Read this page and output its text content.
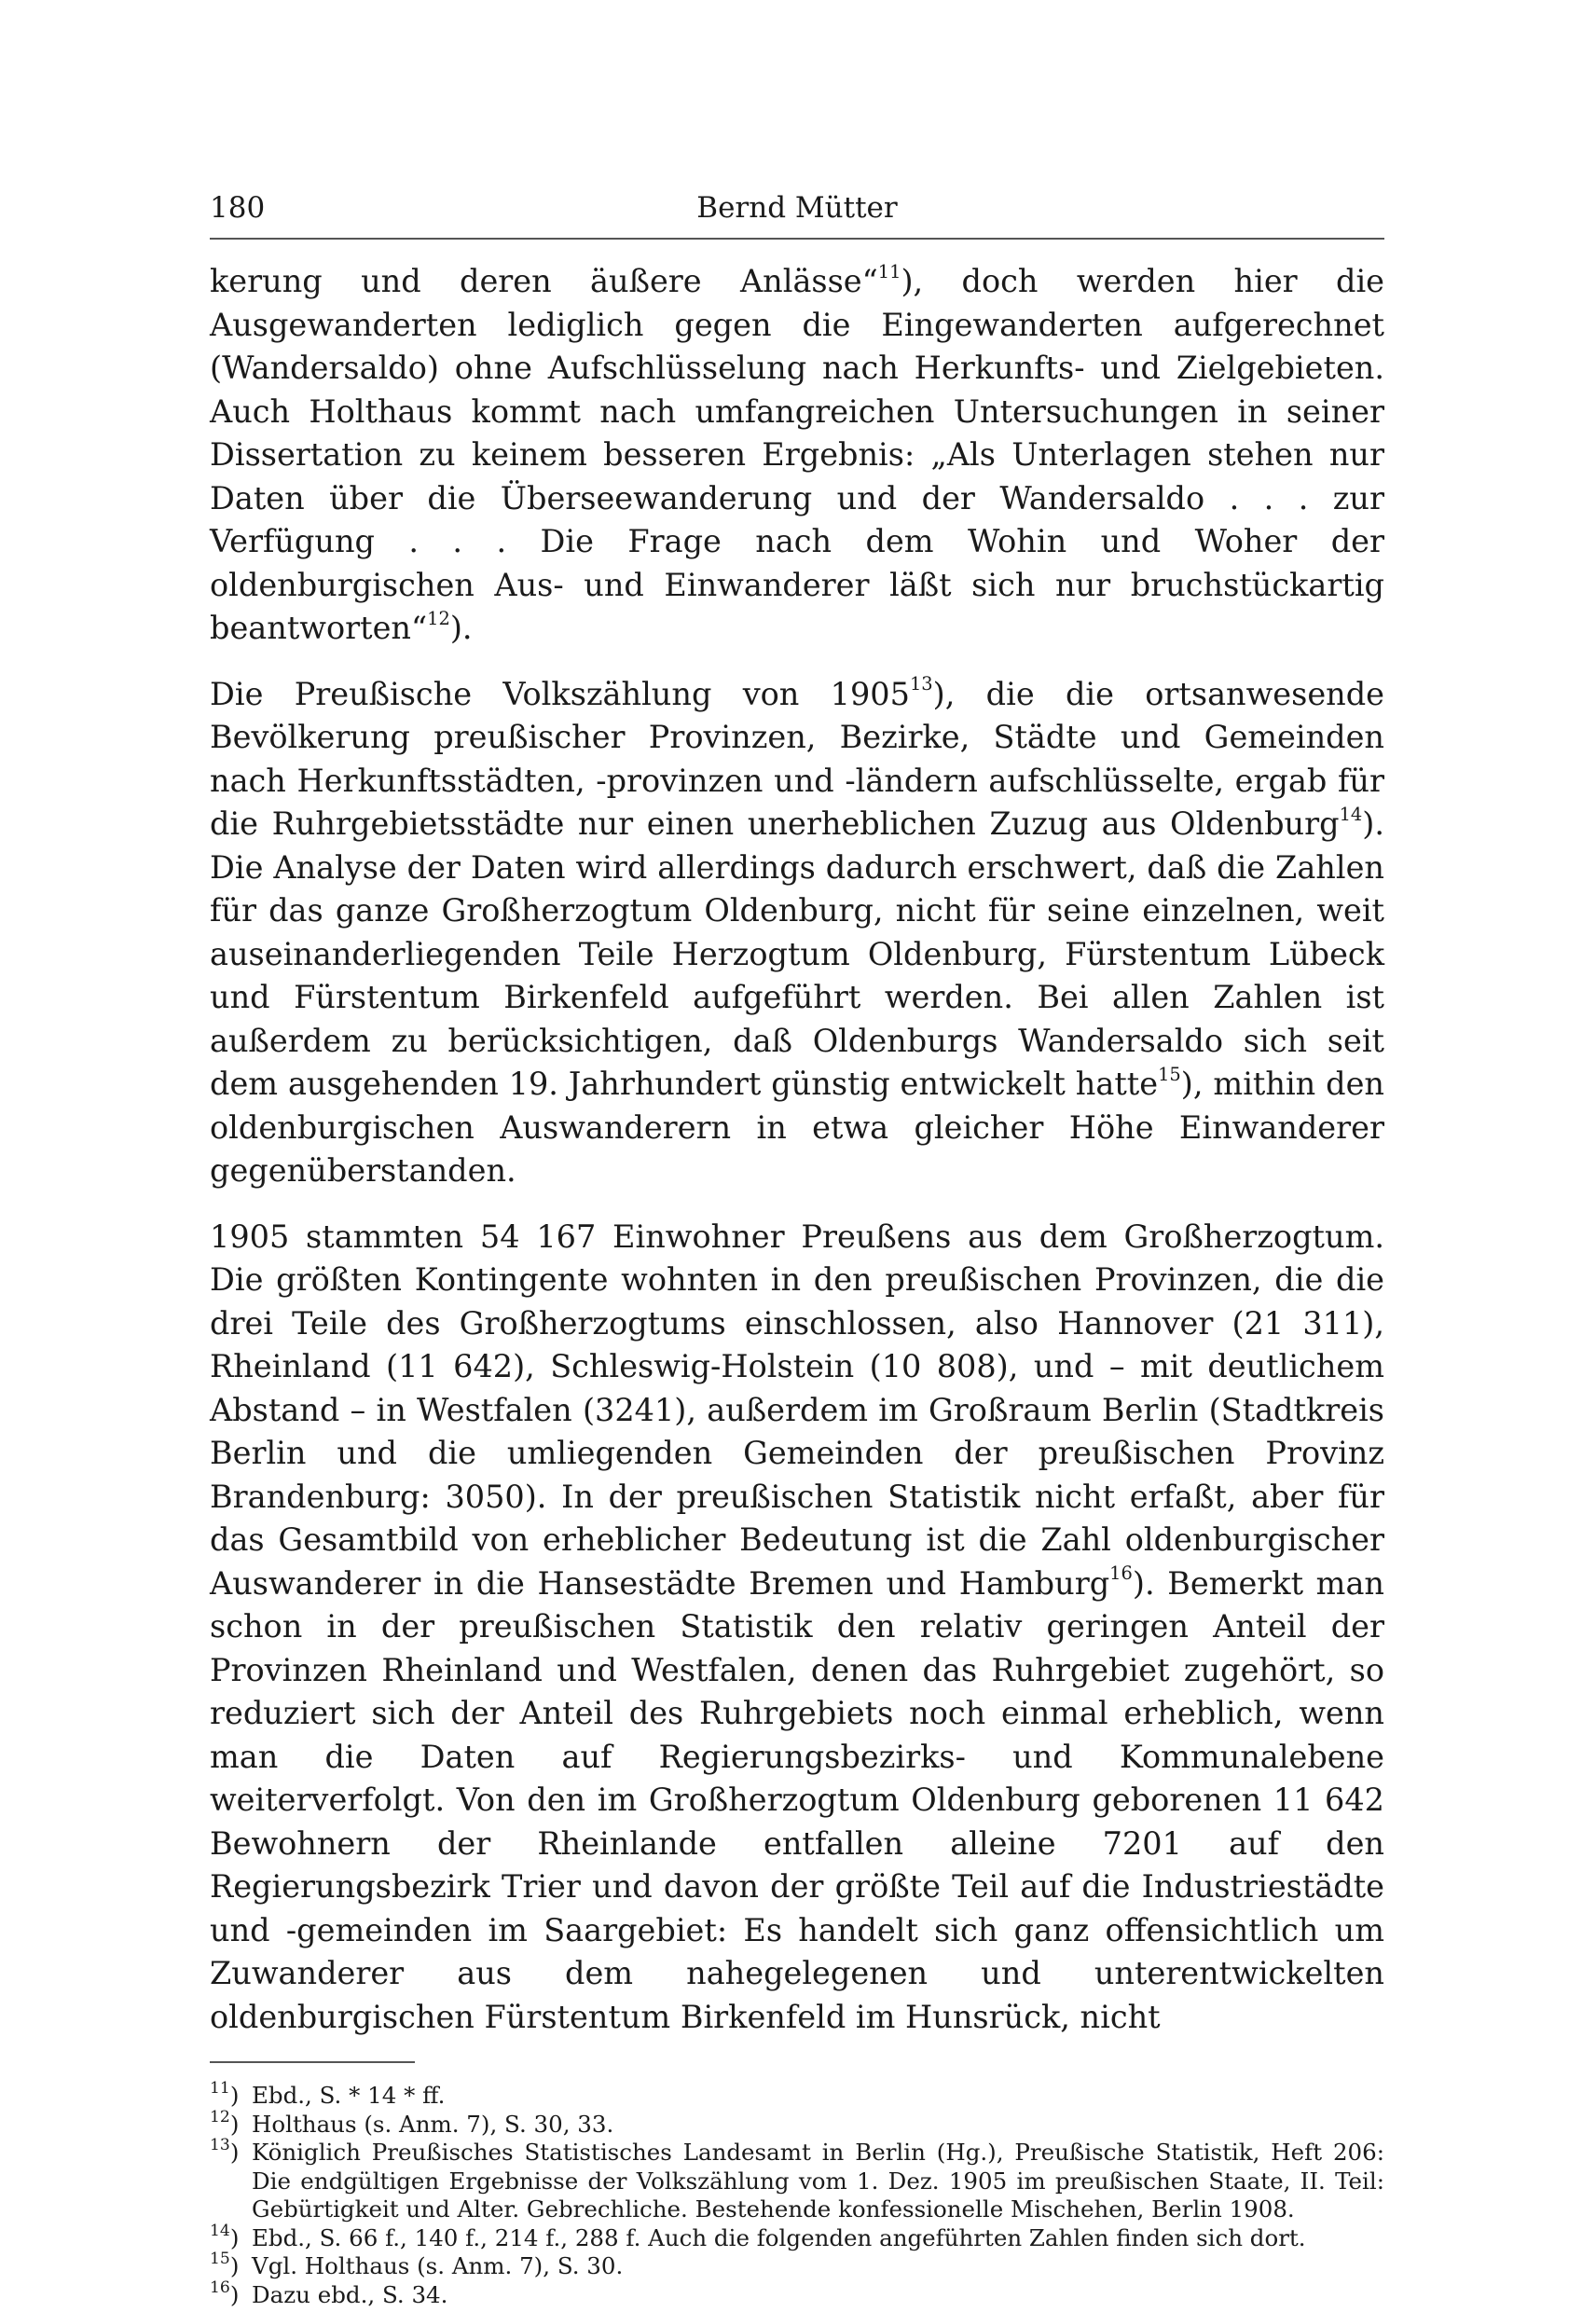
180	Bernd Mütter

kerung und deren äußere Anlässe“$^{11}$), doch werden hier die Ausgewanderten lediglich gegen die Eingewanderten aufgerechnet (Wandersaldo) ohne Aufschlüsselung nach Herkunfts- und Zielgebieten. Auch Holthaus kommt nach umfangreichen Untersuchungen in seiner Dissertation zu keinem besseren Ergebnis: „Als Unterlagen stehen nur Daten über die Überseewanderung und der Wandersaldo . . . zur Verfügung . . . Die Frage nach dem Wohin und Woher der oldenburgischen Aus- und Einwanderer läßt sich nur bruchstückartig beantworten“$^{12}$).

Die Preußische Volkszählung von 1905$^{13}$), die die ortsanwesende Bevölkerung preußischer Provinzen, Bezirke, Städte und Gemeinden nach Herkunftsstädten, -provinzen und -ländern aufschlüsselte, ergab für die Ruhrgebietsstädte nur einen unerheblichen Zuzug aus Oldenburg$^{14}$). Die Analyse der Daten wird allerdings dadurch erschwert, daß die Zahlen für das ganze Großherzogtum Oldenburg, nicht für seine einzelnen, weit auseinanderliegenden Teile Herzogtum Oldenburg, Fürstentum Lübeck und Fürstentum Birkenfeld aufgeführt werden. Bei allen Zahlen ist außerdem zu berücksichtigen, daß Oldenburgs Wandersaldo sich seit dem ausgehenden 19. Jahrhundert günstig entwickelt hatte$^{15}$), mithin den oldenburgischen Auswanderern in etwa gleicher Höhe Einwanderer gegenüberstanden.

1905 stammten 54 167 Einwohner Preußens aus dem Großherzogtum. Die größten Kontingente wohnten in den preußischen Provinzen, die die drei Teile des Großherzogtums einschlossen, also Hannover (21 311), Rheinland (11 642), Schleswig-Holstein (10 808), und – mit deutlichem Abstand – in Westfalen (3241), außerdem im Großraum Berlin (Stadtkreis Berlin und die umliegenden Gemeinden der preußischen Provinz Brandenburg: 3050). In der preußischen Statistik nicht erfaßt, aber für das Gesamtbild von erheblicher Bedeutung ist die Zahl oldenburgischer Auswanderer in die Hansestädte Bremen und Hamburg$^{16}$). Bemerkt man schon in der preußischen Statistik den relativ geringen Anteil der Provinzen Rheinland und Westfalen, denen das Ruhrgebiet zugehört, so reduziert sich der Anteil des Ruhrgebiets noch einmal erheblich, wenn man die Daten auf Regierungsbezirks- und Kommunalebene weiterverfolgt. Von den im Großherzogtum Oldenburg geborenen 11 642 Bewohnern der Rheinlande entfallen alleine 7201 auf den Regierungsbezirk Trier und davon der größte Teil auf die Industriestädte und -gemeinden im Saargebiet: Es handelt sich ganz offensichtlich um Zuwanderer aus dem nahegelegenen und unterentwickelten oldenburgischen Fürstentum Birkenfeld im Hunsrück, nicht

$^{11}$) Ebd., S. * 14 * ff.
$^{12}$) Holthaus (s. Anm. 7), S. 30, 33.
$^{13}$) Königlich Preußisches Statistisches Landesamt in Berlin (Hg.), Preußische Statistik, Heft 206: Die endgültigen Ergebnisse der Volkszählung vom 1. Dez. 1905 im preußischen Staate, II. Teil: Gebürtigkeit und Alter. Gebrechliche. Bestehende konfessionelle Mischehen, Berlin 1908.
$^{14}$) Ebd., S. 66 f., 140 f., 214 f., 288 f. Auch die folgenden angeführten Zahlen finden sich dort.
$^{15}$) Vgl. Holthaus (s. Anm. 7), S. 30.
$^{16}$) Dazu ebd., S. 34.
